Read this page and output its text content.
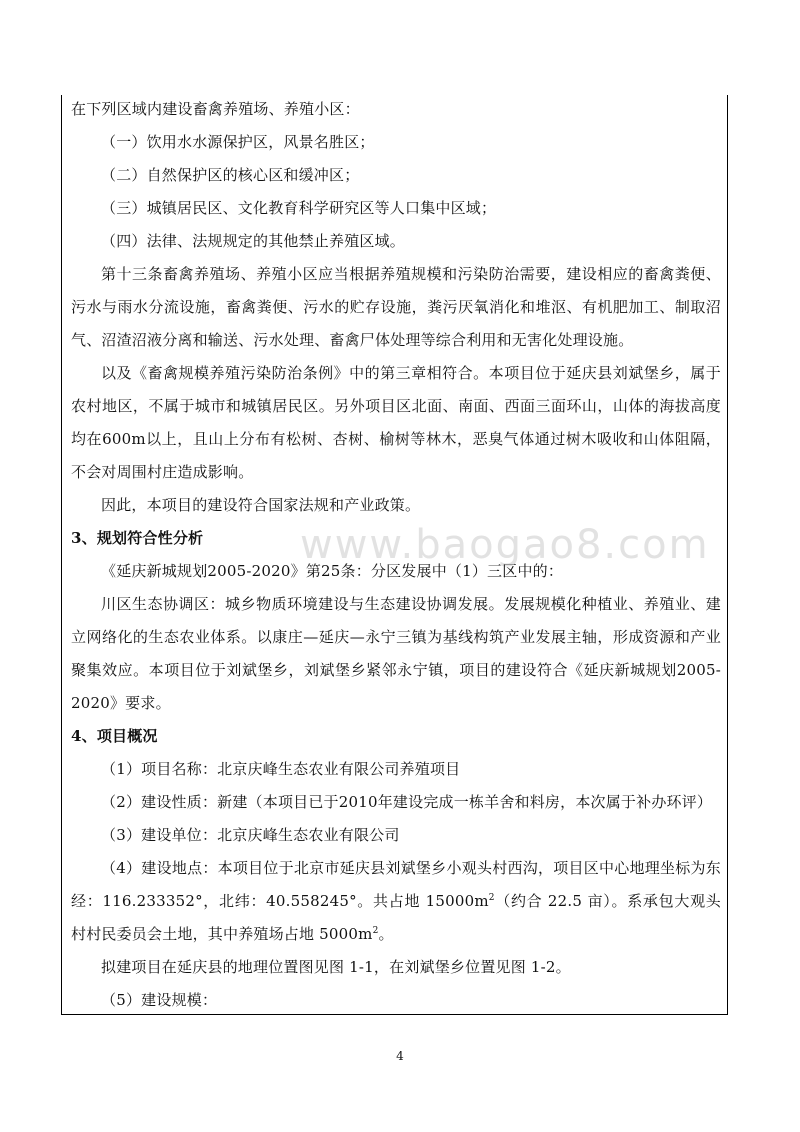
www.baogao8.com

在下列区域内建设畜禽养殖场、养殖小区：

（一）饮用水水源保护区，风景名胜区；

（二）自然保护区的核心区和缓冲区；

（三）城镇居民区、文化教育科学研究区等人口集中区域；

（四）法律、法规规定的其他禁止养殖区域。

第十三条畜禽养殖场、养殖小区应当根据养殖规模和污染防治需要，建设相应的畜禽粪便、污水与雨水分流设施，畜禽粪便、污水的贮存设施，粪污厌氧消化和堆沤、有机肥加工、制取沼气、沼渣沼液分离和输送、污水处理、畜禽尸体处理等综合利用和无害化处理设施。

以及《畜禽规模养殖污染防治条例》中的第三章相符合。本项目位于延庆县刘斌堡乡，属于农村地区，不属于城市和城镇居民区。另外项目区北面、南面、西面三面环山，山体的海拔高度均在600m以上，且山上分布有松树、杏树、榆树等林木，恶臭气体通过树木吸收和山体阻隔，不会对周围村庄造成影响。

因此，本项目的建设符合国家法规和产业政策。

3、规划符合性分析

《延庆新城规划2005-2020》第25条：分区发展中（1）三区中的：

川区生态协调区：城乡物质环境建设与生态建设协调发展。发展规模化种植业、养殖业、建立网络化的生态农业体系。以康庄—延庆—永宁三镇为基线构筑产业发展主轴，形成资源和产业聚集效应。本项目位于刘斌堡乡，刘斌堡乡紧邻永宁镇，项目的建设符合《延庆新城规划2005-2020》要求。

4、项目概况

（1）项目名称：北京庆峰生态农业有限公司养殖项目

（2）建设性质：新建（本项目已于2010年建设完成一栋羊舍和料房，本次属于补办环评）

（3）建设单位：北京庆峰生态农业有限公司

（4）建设地点：本项目位于北京市延庆县刘斌堡乡小观头村西沟，项目区中心地理坐标为东经：116.233352°，北纬：40.558245°。共占地 $15000m^2$（约合 22.5 亩）。系承包大观头村村民委员会土地，其中养殖场占地 $5000m^2$。

拟建项目在延庆县的地理位置图见图 1-1，在刘斌堡乡位置见图 1-2。

（5）建设规模：

4
